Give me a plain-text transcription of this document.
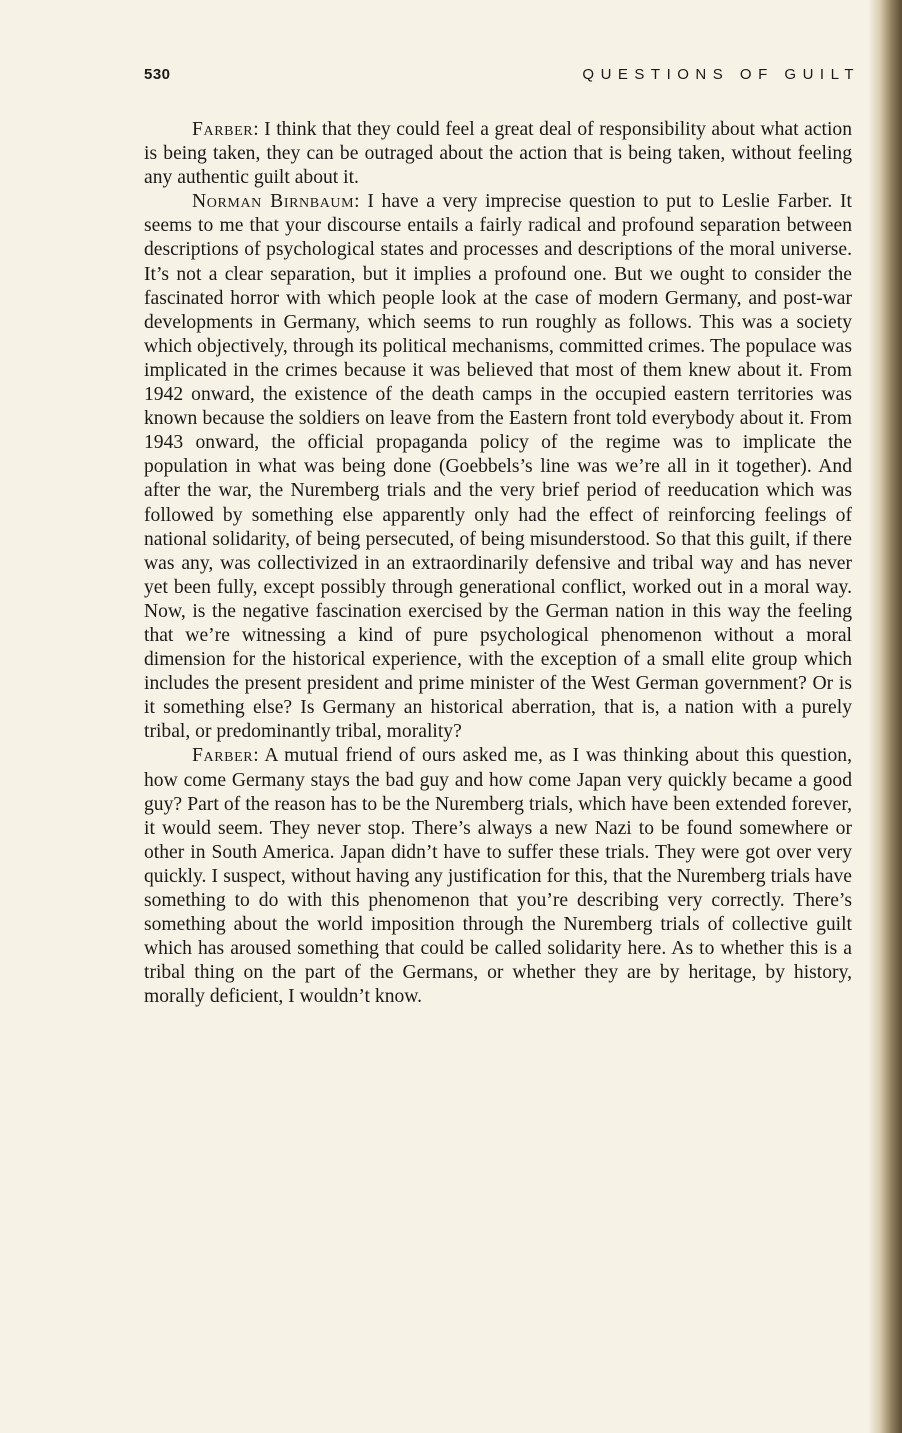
530	QUESTIONS OF GUILT

Farber: I think that they could feel a great deal of responsibility about what action is being taken, they can be outraged about the action that is being taken, without feeling any authentic guilt about it.

Norman Birnbaum: I have a very imprecise question to put to Leslie Farber. It seems to me that your discourse entails a fairly radical and profound separation between descriptions of psychological states and processes and descriptions of the moral universe. It’s not a clear separation, but it implies a profound one. But we ought to consider the fascinated horror with which people look at the case of modern Germany, and post-war developments in Germany, which seems to run roughly as follows. This was a society which objectively, through its political mechanisms, committed crimes. The populace was implicated in the crimes because it was believed that most of them knew about it. From 1942 onward, the existence of the death camps in the occupied eastern territories was known because the soldiers on leave from the Eastern front told everybody about it. From 1943 onward, the official propaganda policy of the regime was to implicate the population in what was being done (Goebbels’s line was we’re all in it together). And after the war, the Nuremberg trials and the very brief period of reeducation which was followed by something else apparently only had the effect of reinforcing feelings of national solidarity, of being persecuted, of being misunderstood. So that this guilt, if there was any, was collectivized in an extraordinarily defensive and tribal way and has never yet been fully, except possibly through generational conflict, worked out in a moral way. Now, is the negative fascination exercised by the German nation in this way the feeling that we’re witnessing a kind of pure psychological phenomenon without a moral dimension for the historical experience, with the exception of a small elite group which includes the present president and prime minister of the West German government? Or is it something else? Is Germany an historical aberration, that is, a nation with a purely tribal, or predominantly tribal, morality?

Farber: A mutual friend of ours asked me, as I was thinking about this question, how come Germany stays the bad guy and how come Japan very quickly became a good guy? Part of the reason has to be the Nuremberg trials, which have been extended forever, it would seem. They never stop. There’s always a new Nazi to be found somewhere or other in South America. Japan didn’t have to suffer these trials. They were got over very quickly. I suspect, without having any justification for this, that the Nuremberg trials have something to do with this phenomenon that you’re describing very correctly. There’s something about the world imposition through the Nuremberg trials of collective guilt which has aroused something that could be called solidarity here. As to whether this is a tribal thing on the part of the Germans, or whether they are by heritage, by history, morally deficient, I wouldn’t know.
